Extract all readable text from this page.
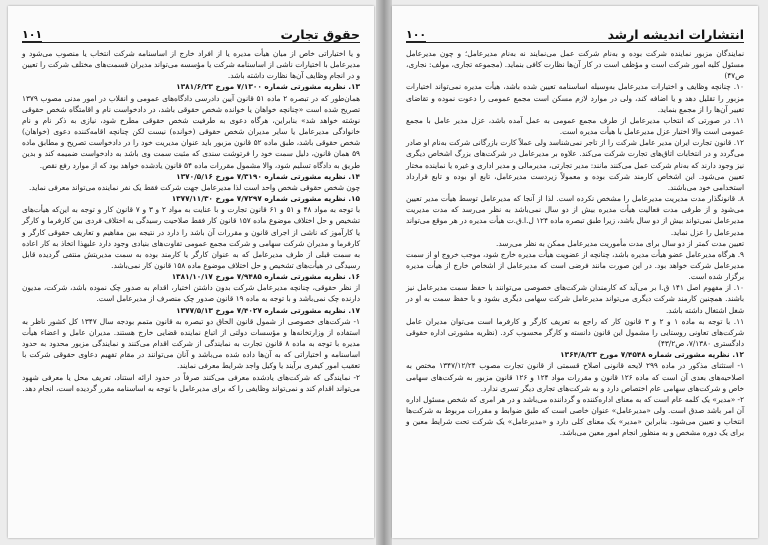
حقوق تجارت
۱۰۱

و یا اختیاراتی خاص از میان هیأت مدیره یا از افراد خارج از اساسنامه شرکت انتخاب یا منصوب می‌شود و مدیرعامل با اختیارات ناشی از اساسنامه شرکت یا مؤسسه می‌تواند مدیران قسمت‌های مختلف شرکت را تعیین و در انجام وظایف آن‌ها نظارت داشته باشد.

۱۳. نظریه مشورتی شماره ۷/۱۳۰۰ مورخ ۱۳۸۱/۶/۲۳

همان‌طور که در تبصره ۲ ماده ۵۱ قانون آیین دادرسی دادگاه‌های عمومی و انقلاب در امور مدنی مصوب ۱۳۷۹ تصریح شده است «چنانچه خواهان یا خوانده شخص حقوقی باشد، در دادخواست نام و اقامتگاه شخص حقوقی نوشته خواهد شد» بنابراین، هرگاه دعوی به طرفیت شخص حقوقی مطرح شود، نیازی به ذکر نام و نام خانوادگی مدیرعامل یا سایر مدیران شخص حقوقی (خوانده) نیست لکن چنانچه اقامه‌کننده دعوی (خواهان) شخص حقوقی باشد، طبق ماده ۵۲ قانون مزبور باید عنوان مدیریت خود را در دادخواست تصریح و مطابق ماده ۵۹ همان قانون، دلیل سمت خود را فرتوشت سندی که مثبت سمت وی باشد به دادخواست ضمیمه کند و بدین طریق به دادگاه تسلیم شود، والا مشمول مقررات ماده ۵۴ قانون یادشده خواهد بود که از موارد رفع نقص.

۱۴. نظریه مشورتی شماره ۷/۳۱۹۰ مورخ ۱۳۷۰/۵/۱۶

چون شخص حقوقی شخص واحد است لذا مدیرعامل جهت شرکت فقط یک نفر نماینده می‌تواند معرفی نماید.

۱۵. نظریه مشورتی شماره ۷/۷۲۹۷ مورخ ۱۳۷۷/۱۱/۳۰

با توجه به مواد ۴۸ و ۵۱ و ۶۱ قانون تجارت و با عنایت به مواد ۲ و ۳ و ۷ قانون کار و توجه به این‌که هیأت‌های تشخیص و حل اختلاف موضوع ماده ۱۵۷ قانون کار فقط صلاحیت رسیدگی به اختلاف فردی بین کارفرما و کارگر یا کارآموز که ناشی از اجرای قانون و مقررات آن باشد را دارد در نتیجه بین مفاهیم و تعاریف حقوقی کارگر و کارفرما و مدیران شرکت سهامی و شرکت مجمع عمومی تفاوت‌های بنیادی وجود دارد علیهذا اتخاذ به کار اعاده به سمت قبلی از طرف مدیرعامل که به عنوان کارگر یا کارمند بوده به سمت مدیریتش منتفی گردیده قابل رسیدگی در هیأت‌های تشخیص و حل اختلاف موضوع ماده ۱۵۸ قانون کار نمی‌باشد.

۱۶. نظریه مشورتی شماره ۷/۹۴۸۵ مورخ ۱۳۸۱/۱۰/۱۷

از نظر حقوقی، چنانچه مدیرعامل شرکت بدون داشتن اختیار، اقدام به صدور چک نموده باشد، شرکت، مدیون دارنده چک نمی‌باشد و با توجه به ماده ۱۹ قانون صدور چک منصرف از مدیرعامل است.

۱۷. نظریه مشورتی شماره ۷/۴۰۲۷ مورخ ۱۳۷۷/۵/۱۳

۱- شرکت‌های خصوصی از شمول قانون الحاق دو تبصره به قانون متمم بودجه سال ۱۳۴۷ کل کشور ناظر به استفاده از وزارتخانه‌ها و مؤسسات دولتی از اتباع نماینده قضایی خارج هستند. مدیران عامل و اعضاء هیأت مدیره با توجه به ماده ۸ قانون تجارت به نمایندگی از شرکت اقدام می‌کنند و نمایندگی مزبور محدود به حدود اساسنامه و اختیاراتی که به آن‌ها داده شده می‌باشد و آنان می‌توانند در مقام تفهیم دعاوی حقوقی شرکت با تعقیب امور کیفری برآیند یا وکیل واجد شرایط معرفی نمایند.

۲- نمایندگی که شرکت‌های یادشده معرفی می‌کنند صرفاً در حدود ارائه استناد، تعریف محل یا معرفی شهود می‌تواند اقدام کند و نمی‌تواند وظایفی را که برای مدیرعامل با توجه به اساسنامه مقرر گردیده است، انجام دهد.

انتشارات اندیشه ارشد
۱۰۰

نمایندگان مزبور نماینده شرکت بوده و به‌نام شرکت عمل می‌نمایند نه به‌نام مدیرعامل؛ و چون مدیرعامل مسئول کلیه امور شرکت است و مؤظف است در کار آن‌ها نظارت کافی بنماید. (مجموعه تجاری، مولف: نجاری، ص۴۷)

۱۰. چنانچه وظایف و اختیارات مدیرعامل به‌وسیله اساسنامه تعیین شده باشد، هیأت مدیره نمی‌تواند اختیارات مزبور را تقلیل دهد و یا اضافه کند، ولی در موارد لازم مسکن است مجمع عمومی را دعوت نموده و تقاضای تغییر آن‌ها را از مجمع بنماید.

۱۱. در صورتی که انتخاب مدیرعامل از طرف مجمع عمومی به عمل آمده باشد، عزل مدیر عامل با مجمع عمومی است والا اختیار عزل مدیرعامل با هیأت مدیره است.

۱۲. قانون تجارت ایران مدیر عامل شرکت را از تاجر نمی‌شناسد ولی عملاً کارت بازرگانی شرکت به‌نام او صادر می‌گردد و در انتخابات اتاق‌های تجارت شرکت می‌کند. علاوه بر مدیرعامل در شرکت‌های بزرگ اشخاص دیگری نیز وجود دارند که به‌نام شرکت عمل می‌کنند مانند: مدیر تجارتی، مدیرمالی و مدیر اداری و غیره یا نماینده مختار تعیین می‌شود. این اشخاص کارمند شرکت بوده و معمولاً زیردست مدیرعامل، تابع او بوده و تابع قرارداد استخدامی خود می‌باشند.

۸. قانونگذار مدت مدیریت مدیرعامل را مشخص نکرده است. لذا از آنجا که مدیرعامل توسط هیأت مدیر تعیین می‌شود و از طرفی مدت فعالیت هیأت مدیره بیش از دو سال نمی‌باشد به نظر می‌رسد که مدت مدیریت مدیرعامل نمی‌تواند بیش از دو سال باشد، زیرا طبق تبصره ماده ۱۲۴ ل.ا.ق.ت هیأت مدیره در هر موقع می‌تواند مدیرعامل را عزل نماید.

تعیین مدت کمتر از دو سال برای مدت مأموریت مدیرعامل ممکن به نظر می‌رسد.

۹. هرگاه مدیرعامل عضو هیأت مدیره باشد، چنانچه از عضویت هیأت مدیره خارج شود، موجب خروج او از سمت مدیرعامل شرکت خواهد بود. در این صورت مانند فرضی است که مدیرعامل از اشخاص خارج از هیأت مدیره برگزار شده است.

۱۰. از مفهوم اصل ۱۴۱ ق.ا بر می‌آید که کارمندان شرکت‌های خصوصی می‌توانند با حفظ سمت مدیرعامل نیز باشند. همچنین کارمند شرکت دیگری می‌تواند مدیرعامل شرکت سهامی دیگری بشود و با حفظ سمت به او در شغل اشتغال داشته باشد.

۱۱. با توجه به ماده ۱ و ۲ و ۳ قانون کار که راجع به تعریف کارگر و کارفرما است می‌توان مدیران عامل شرکت‌های تعاونی روستایی را مشمول این قانون دانسته و کارگر محسوب کرد. (نظریه مشورتی اداره حقوقی دادگستری ۷/۱۳۸۰، ص۴۳/۲)

۱۲. نظریه مشورتی شماره ۷/۴۵۴۸ مورخ ۱۳۶۴/۸/۲۳

۱- استثنای مذکور در ماده ۲۹۹ لایحه قانونی اصلاح قسمتی از قانون تجارت مصوب ۱۳۴۷/۱۲/۲۴ مختص به اصلاحیه‌های بعدی آن است که ماده ۱۲۶ قانون و مقررات مواد ۱۲۴ و ۱۲۶ قانون مزبور به شرکت‌های سهامی خاص و شرکت‌های سهامی عام اختصاص دارد و به شرکت‌های تجاری دیگر تسری ندارد.

۲- «مدیر» یک کلمه عام است که به معنای اداره‌کننده و گرداننده می‌باشد و در هر امری که شخص مسئول اداره آن امر باشد صدق است. ولی «مدیرعامل» عنوان خاصی است که طبق ضوابط و مقررات مربوط به شرکت‌ها انتخاب و تعیین می‌شود. بنابراین «مدیر» یک معنای کلی دارد و «مدیرعامل» یک شرکت تحت شرایط معین و برای یک دوره مشخص و به منظور انجام امور معین می‌باشد.
